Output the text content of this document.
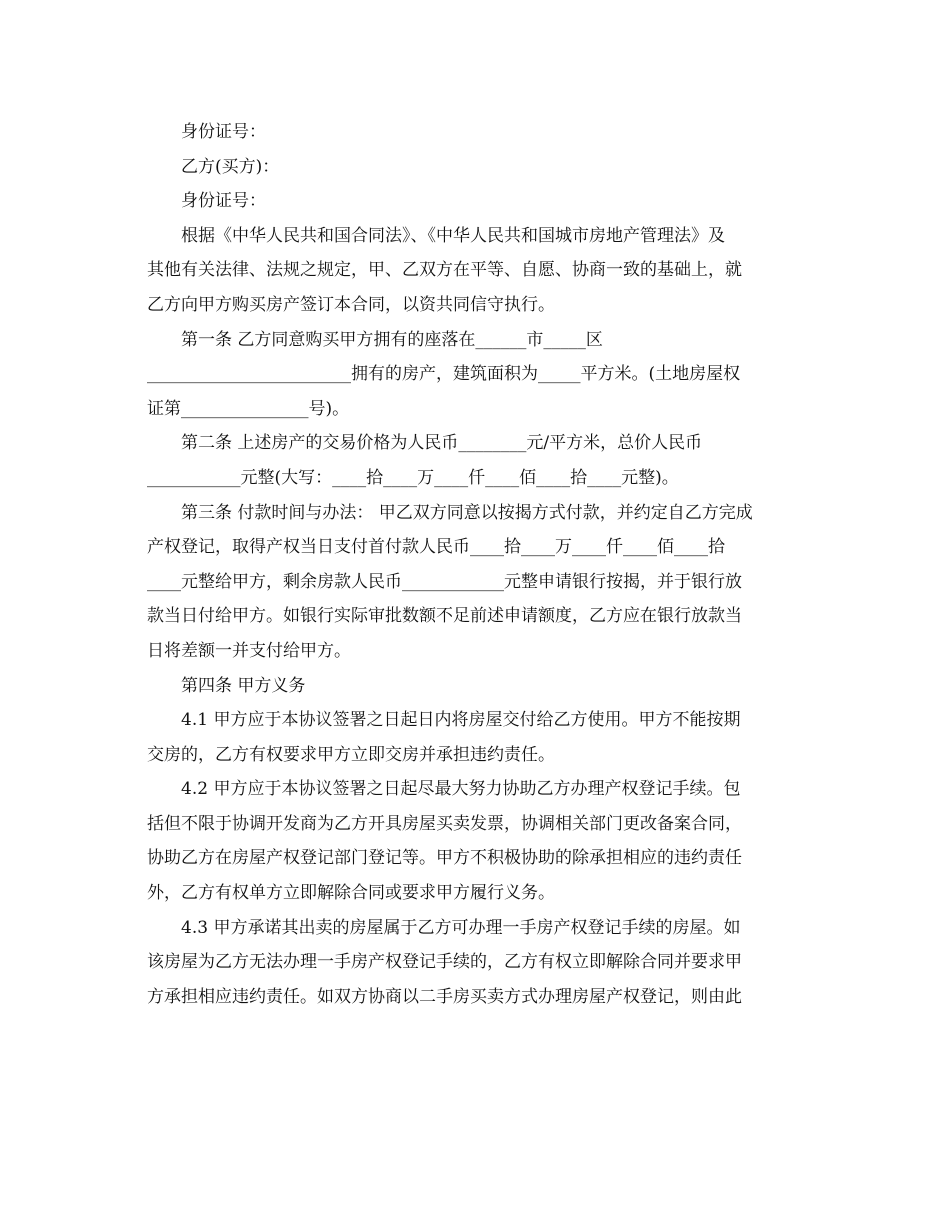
身份证号：
乙方(买方)：
身份证号：
根据《中华人民共和国合同法》、《中华人民共和国城市房地产管理法》及
其他有关法律、法规之规定，甲、乙双方在平等、自愿、协商一致的基础上，就
乙方向甲方购买房产签订本合同，以资共同信守执行。
第一条 乙方同意购买甲方拥有的座落在______市_____区
________________________拥有的房产，建筑面积为_____平方米。(土地房屋权
证第_______________号)。
第二条 上述房产的交易价格为人民币________元/平方米，总价人民币
___________元整(大写：____拾____万____仟____佰____拾____元整)。
第三条 付款时间与办法： 甲乙双方同意以按揭方式付款，并约定自乙方完成
产权登记，取得产权当日支付首付款人民币____拾____万____仟____佰____拾
____元整给甲方，剩余房款人民币____________元整申请银行按揭，并于银行放
款当日付给甲方。如银行实际审批数额不足前述申请额度，乙方应在银行放款当
日将差额一并支付给甲方。
第四条 甲方义务
4.1 甲方应于本协议签署之日起日内将房屋交付给乙方使用。甲方不能按期
交房的，乙方有权要求甲方立即交房并承担违约责任。
4.2 甲方应于本协议签署之日起尽最大努力协助乙方办理产权登记手续。包
括但不限于协调开发商为乙方开具房屋买卖发票，协调相关部门更改备案合同，
协助乙方在房屋产权登记部门登记等。甲方不积极协助的除承担相应的违约责任
外，乙方有权单方立即解除合同或要求甲方履行义务。
4.3 甲方承诺其出卖的房屋属于乙方可办理一手房产权登记手续的房屋。如
该房屋为乙方无法办理一手房产权登记手续的，乙方有权立即解除合同并要求甲
方承担相应违约责任。如双方协商以二手房买卖方式办理房屋产权登记，则由此
